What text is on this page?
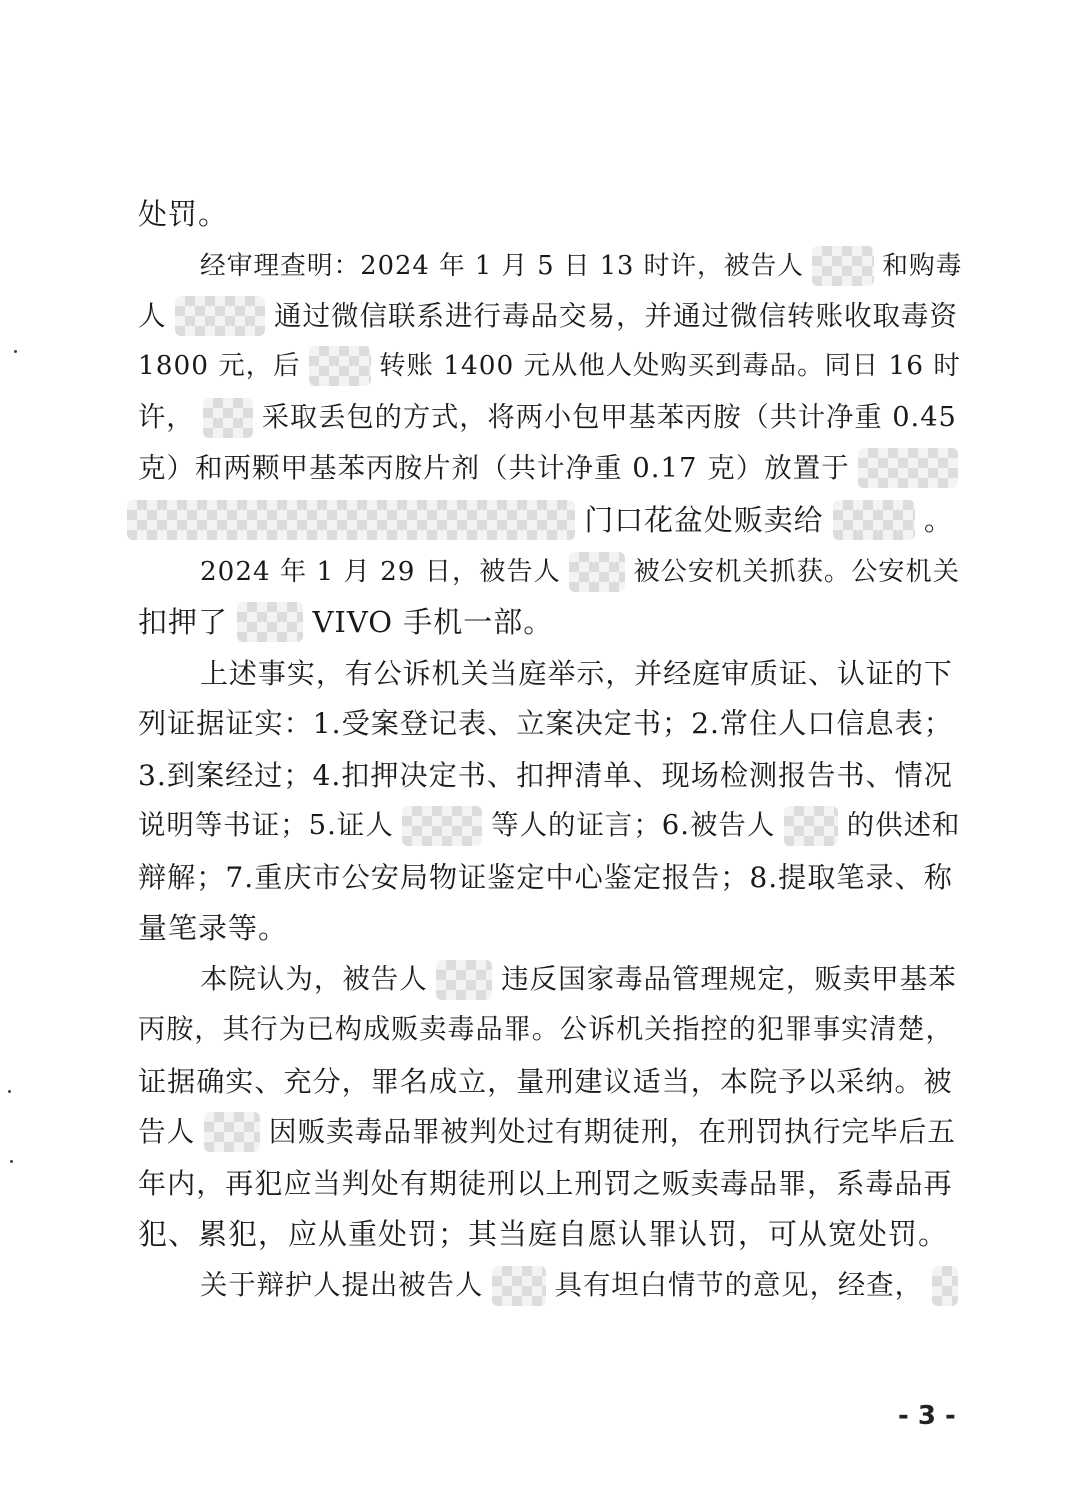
处罚。
经审理查明：2024 年 1 月 5 日 13 时许，被告人	和购毒
人	通过微信联系进行毒品交易，并通过微信转账收取毒资
1800 元，后	转账 1400 元从他人处购买到毒品。同日 16 时
许， 采取丢包的方式，将两小包甲基苯丙胺（共计净重 0.45
克）和两颗甲基苯丙胺片剂（共计净重 0.17 克）放置于
门口花盆处贩卖给	。
2024 年 1 月 29 日，被告人	被公安机关抓获。公安机关
扣押了	VIVO 手机一部。
上述事实，有公诉机关当庭举示，并经庭审质证、认证的下
列证据证实：1.受案登记表、立案决定书；2.常住人口信息表；
3.到案经过；4.扣押决定书、扣押清单、现场检测报告书、情况
说明等书证；5.证人	等人的证言；6.被告人	的供述和
辩解；7.重庆市公安局物证鉴定中心鉴定报告；8.提取笔录、称
量笔录等。
本院认为，被告人	违反国家毒品管理规定，贩卖甲基苯
丙胺，其行为已构成贩卖毒品罪。公诉机关指控的犯罪事实清楚，
证据确实、充分，罪名成立，量刑建议适当，本院予以采纳。被
告人	因贩卖毒品罪被判处过有期徒刑，在刑罚执行完毕后五
年内，再犯应当判处有期徒刑以上刑罚之贩卖毒品罪，系毒品再
犯、累犯，应从重处罚；其当庭自愿认罪认罚，可从宽处罚。
关于辩护人提出被告人	具有坦白情节的意见，经查，
- 3 -
